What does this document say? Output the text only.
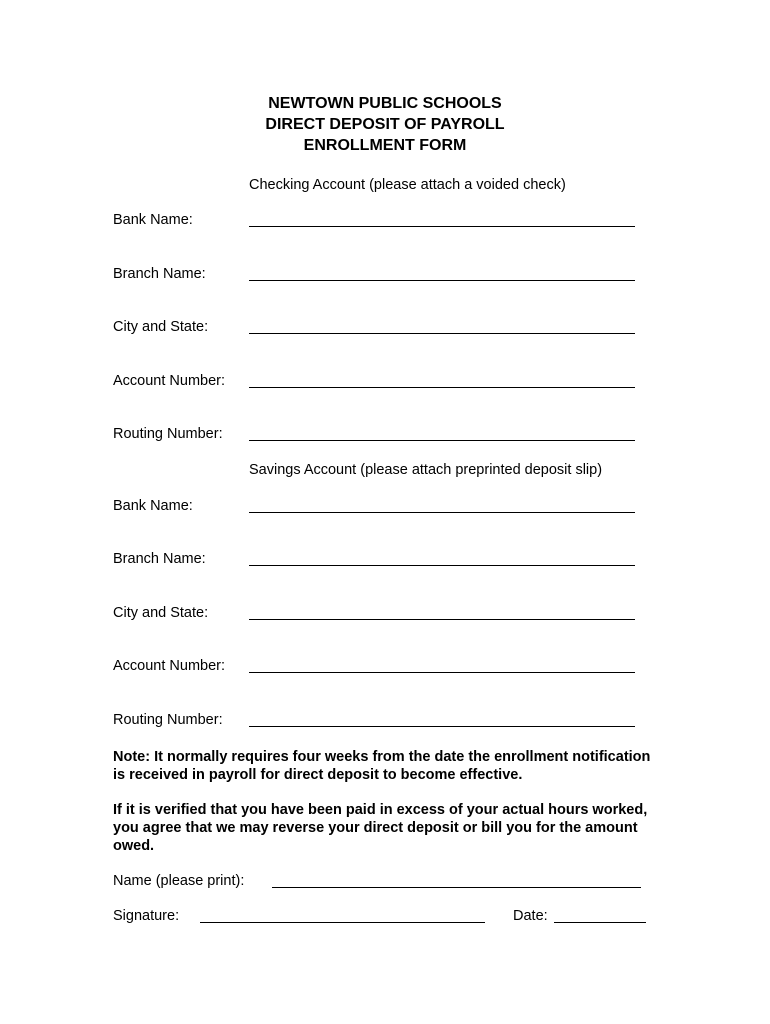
NEWTOWN PUBLIC SCHOOLS
DIRECT DEPOSIT OF PAYROLL
ENROLLMENT FORM
Checking Account (please attach a voided check)
Bank Name:
Branch Name:
City and State:
Account Number:
Routing Number:
Savings Account (please attach preprinted deposit slip)
Bank Name:
Branch Name:
City and State:
Account Number:
Routing Number:
Note: It normally requires four weeks from the date the enrollment notification is received in payroll for direct deposit to become effective.
If it is verified that you have been paid in excess of your actual hours worked, you agree that we may reverse your direct deposit or bill you for the amount owed.
Name (please print):
Signature:	Date:
